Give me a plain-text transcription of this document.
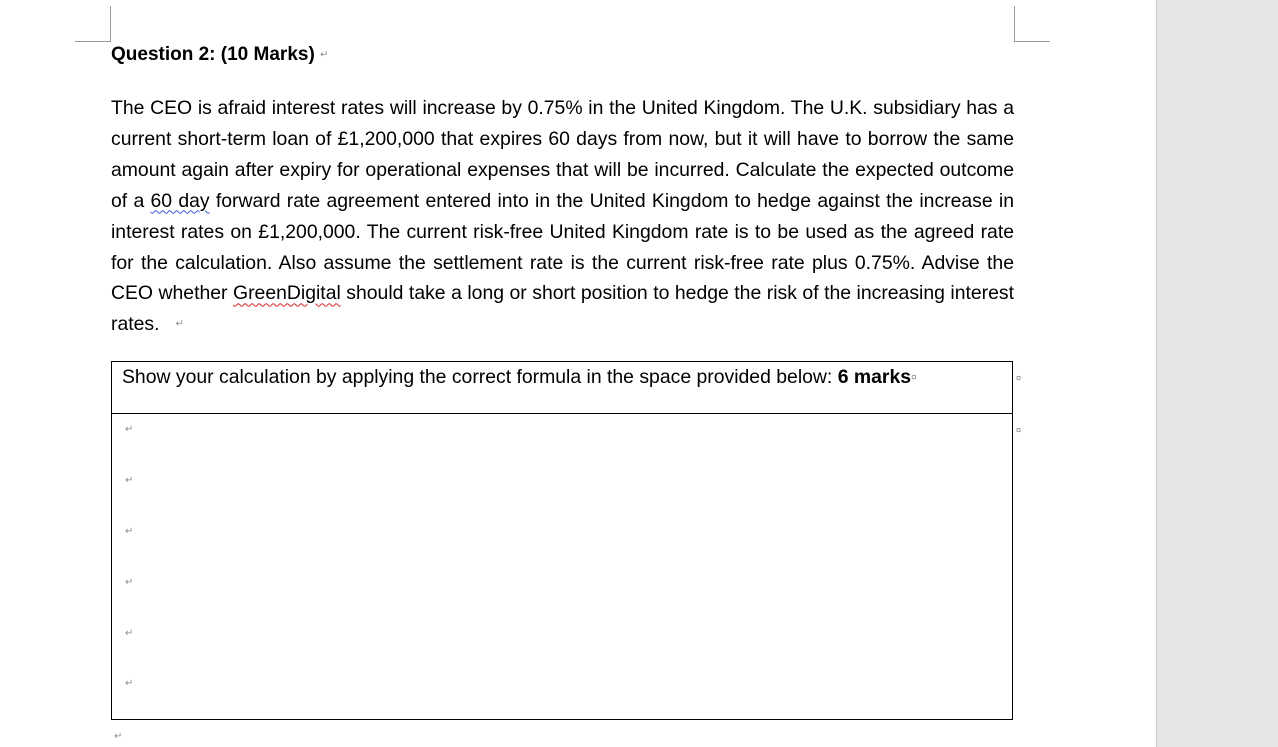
Question 2: (10 Marks) ↵

The CEO is afraid interest rates will increase by 0.75% in the United Kingdom. The U.K. subsidiary has a current short-term loan of £1,200,000 that expires 60 days from now, but it will have to borrow the same amount again after expiry for operational expenses that will be incurred. Calculate the expected outcome of a 60 day forward rate agreement entered into in the United Kingdom to hedge against the increase in interest rates on £1,200,000. The current risk-free United Kingdom rate is to be used as the agreed rate for the calculation. Also assume the settlement rate is the current risk-free rate plus 0.75%. Advise the CEO whether GreenDigital should take a long or short position to hedge the risk of the increasing interest rates. ↵

Show your calculation by applying the correct formula in the space provided below: 6 marks¤
↵
↵
↵
↵
↵
↵
¤
¤
↵
